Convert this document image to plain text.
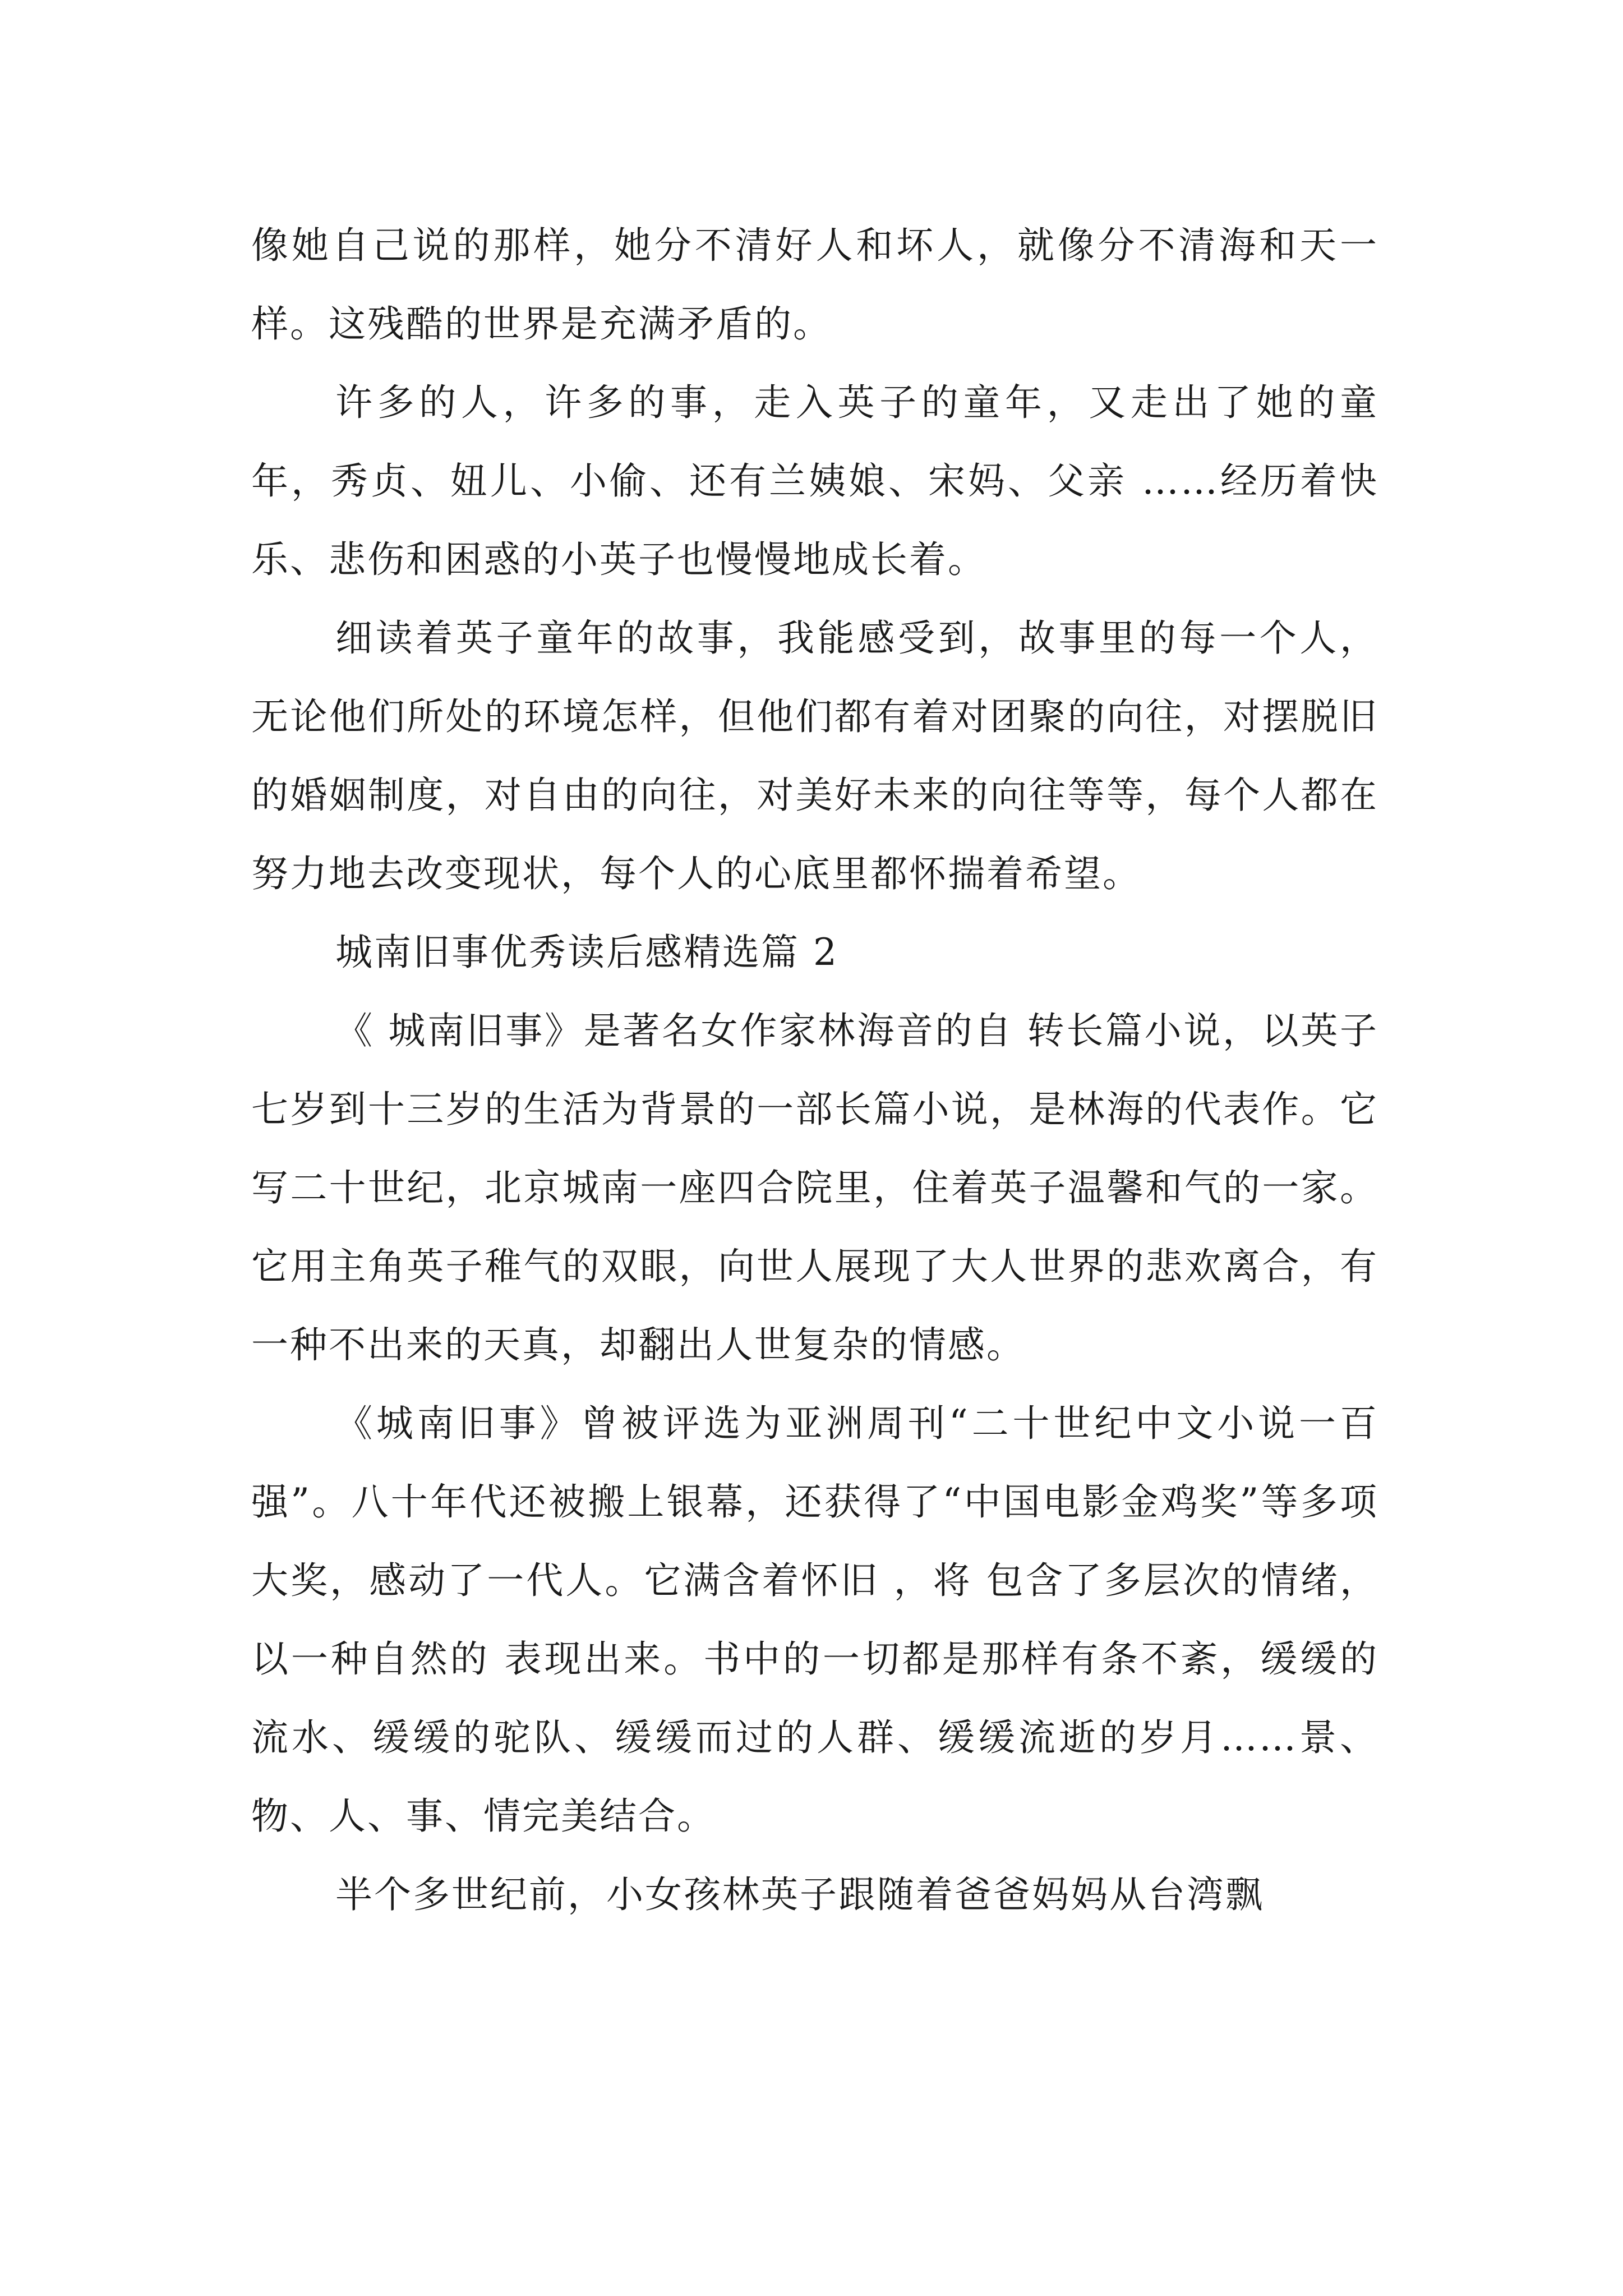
像她自己说的那样，她分不清好人和坏人，就像分不清海和天一样。这残酷的世界是充满矛盾的。

许多的人，许多的事，走入英子的童年，又走出了她的童年，秀贞、妞儿、小偷、还有兰姨娘、宋妈、父亲 ……经历着快乐、悲伤和困惑的小英子也慢慢地成长着。

细读着英子童年的故事，我能感受到，故事里的每一个人，无论他们所处的环境怎样，但他们都有着对团聚的向往，对摆脱旧的婚姻制度，对自由的向往，对美好未来的向往等等，每个人都在努力地去改变现状，每个人的心底里都怀揣着希望。

城南旧事优秀读后感精选篇 2

《 城南旧事》是著名女作家林海音的自 转长篇小说，以英子七岁到十三岁的生活为背景的一部长篇小说，是林海的代表作。它写二十世纪，北京城南一座四合院里，住着英子温馨和气的一家。它用主角英子稚气的双眼，向世人展现了大人世界的悲欢离合，有一种不出来的天真，却翻出人世复杂的情感。

《城南旧事》曾被评选为亚洲周刊“二十世纪中文小说一百强”。八十年代还被搬上银幕，还获得了“中国电影金鸡奖”等多项大奖，感动了一代人。它满含着怀旧 ，将 包含了多层次的情绪，以一种自然的 表现出来。书中的一切都是那样有条不紊，缓缓的流水、缓缓的驼队、缓缓而过的人群、缓缓流逝的岁月……景、物、人、事、情完美结合。

半个多世纪前，小女孩林英子跟随着爸爸妈妈从台湾飘
